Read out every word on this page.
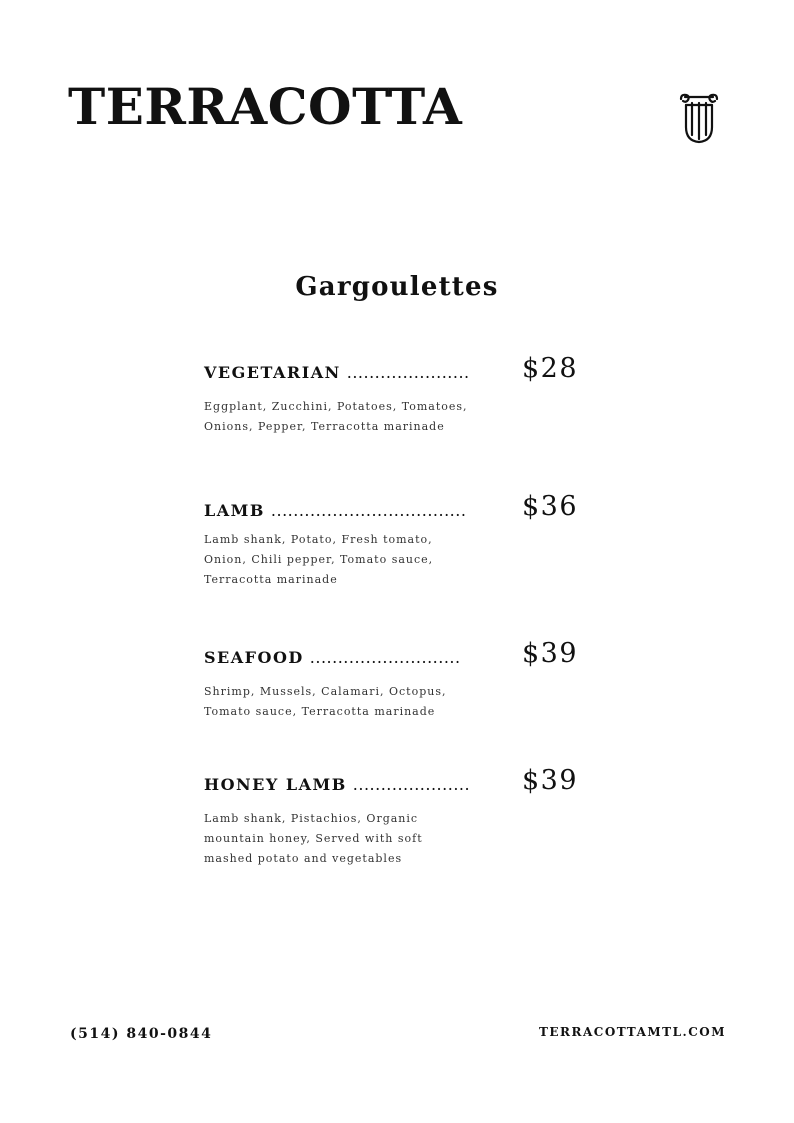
TERRACOTTA
Gargoulettes
VEGETARIAN ...................... $28
Eggplant, Zucchini, Potatoes, Tomatoes, Onions, Pepper, Terracotta marinade
LAMB ................................... $36
Lamb shank, Potato, Fresh tomato, Onion, Chili pepper, Tomato sauce, Terracotta marinade
SEAFOOD ........................... $39
Shrimp, Mussels, Calamari, Octopus, Tomato sauce, Terracotta marinade
HONEY LAMB ..................... $39
Lamb shank, Pistachios, Organic mountain honey, Served with soft mashed potato and vegetables
(514) 840-0844	TERRACOTTAMTL.COM
